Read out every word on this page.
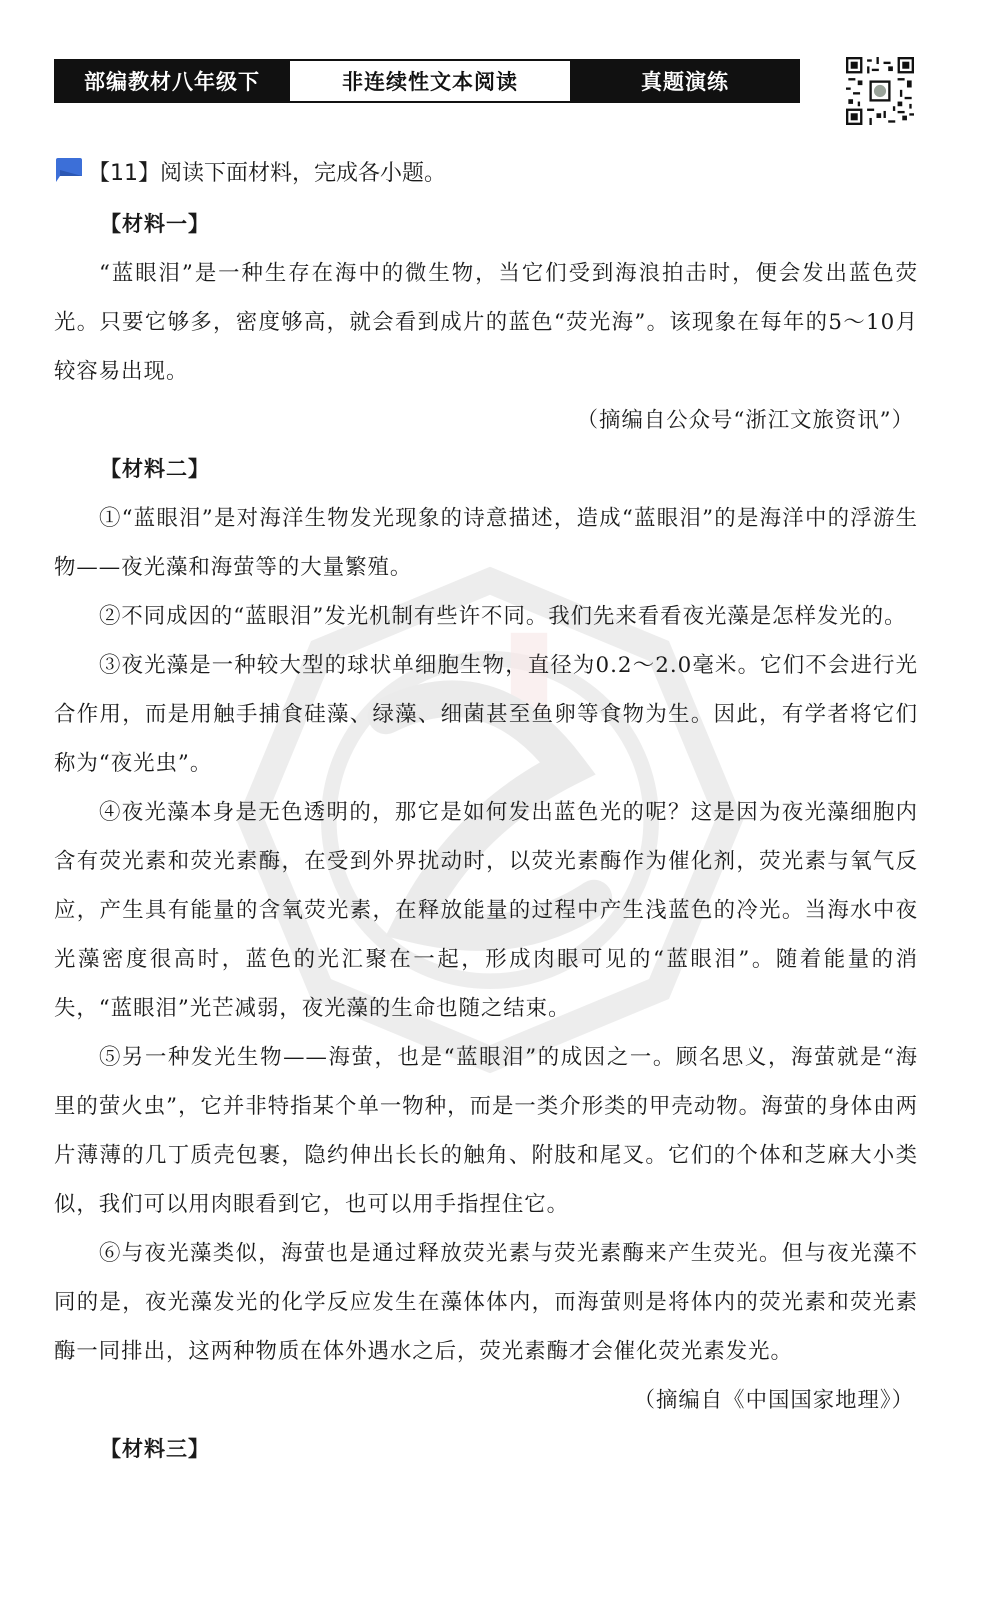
部编教材八年级下	非连续性文本阅读	真题演练
【11】阅读下面材料，完成各小题。

【材料一】

“蓝眼泪”是一种生存在海中的微生物，当它们受到海浪拍击时，便会发出蓝色荧光。只要它够多，密度够高，就会看到成片的蓝色“荧光海”。该现象在每年的5～10月较容易出现。

（摘编自公众号“浙江文旅资讯”）

【材料二】

①“蓝眼泪”是对海洋生物发光现象的诗意描述，造成“蓝眼泪”的是海洋中的浮游生物——夜光藻和海萤等的大量繁殖。

②不同成因的“蓝眼泪”发光机制有些许不同。我们先来看看夜光藻是怎样发光的。

③夜光藻是一种较大型的球状单细胞生物，直径为0.2～2.0毫米。它们不会进行光合作用，而是用触手捕食硅藻、绿藻、细菌甚至鱼卵等食物为生。因此，有学者将它们称为“夜光虫”。

④夜光藻本身是无色透明的，那它是如何发出蓝色光的呢？这是因为夜光藻细胞内含有荧光素和荧光素酶，在受到外界扰动时，以荧光素酶作为催化剂，荧光素与氧气反应，产生具有能量的含氧荧光素，在释放能量的过程中产生浅蓝色的冷光。当海水中夜光藻密度很高时，蓝色的光汇聚在一起，形成肉眼可见的“蓝眼泪”。随着能量的消失，“蓝眼泪”光芒减弱，夜光藻的生命也随之结束。

⑤另一种发光生物——海萤，也是“蓝眼泪”的成因之一。顾名思义，海萤就是“海里的萤火虫”，它并非特指某个单一物种，而是一类介形类的甲壳动物。海萤的身体由两片薄薄的几丁质壳包裹，隐约伸出长长的触角、附肢和尾叉。它们的个体和芝麻大小类似，我们可以用肉眼看到它，也可以用手指捏住它。

⑥与夜光藻类似，海萤也是通过释放荧光素与荧光素酶来产生荧光。但与夜光藻不同的是，夜光藻发光的化学反应发生在藻体体内，而海萤则是将体内的荧光素和荧光素酶一同排出，这两种物质在体外遇水之后，荧光素酶才会催化荧光素发光。

（摘编自《中国国家地理》）

【材料三】
